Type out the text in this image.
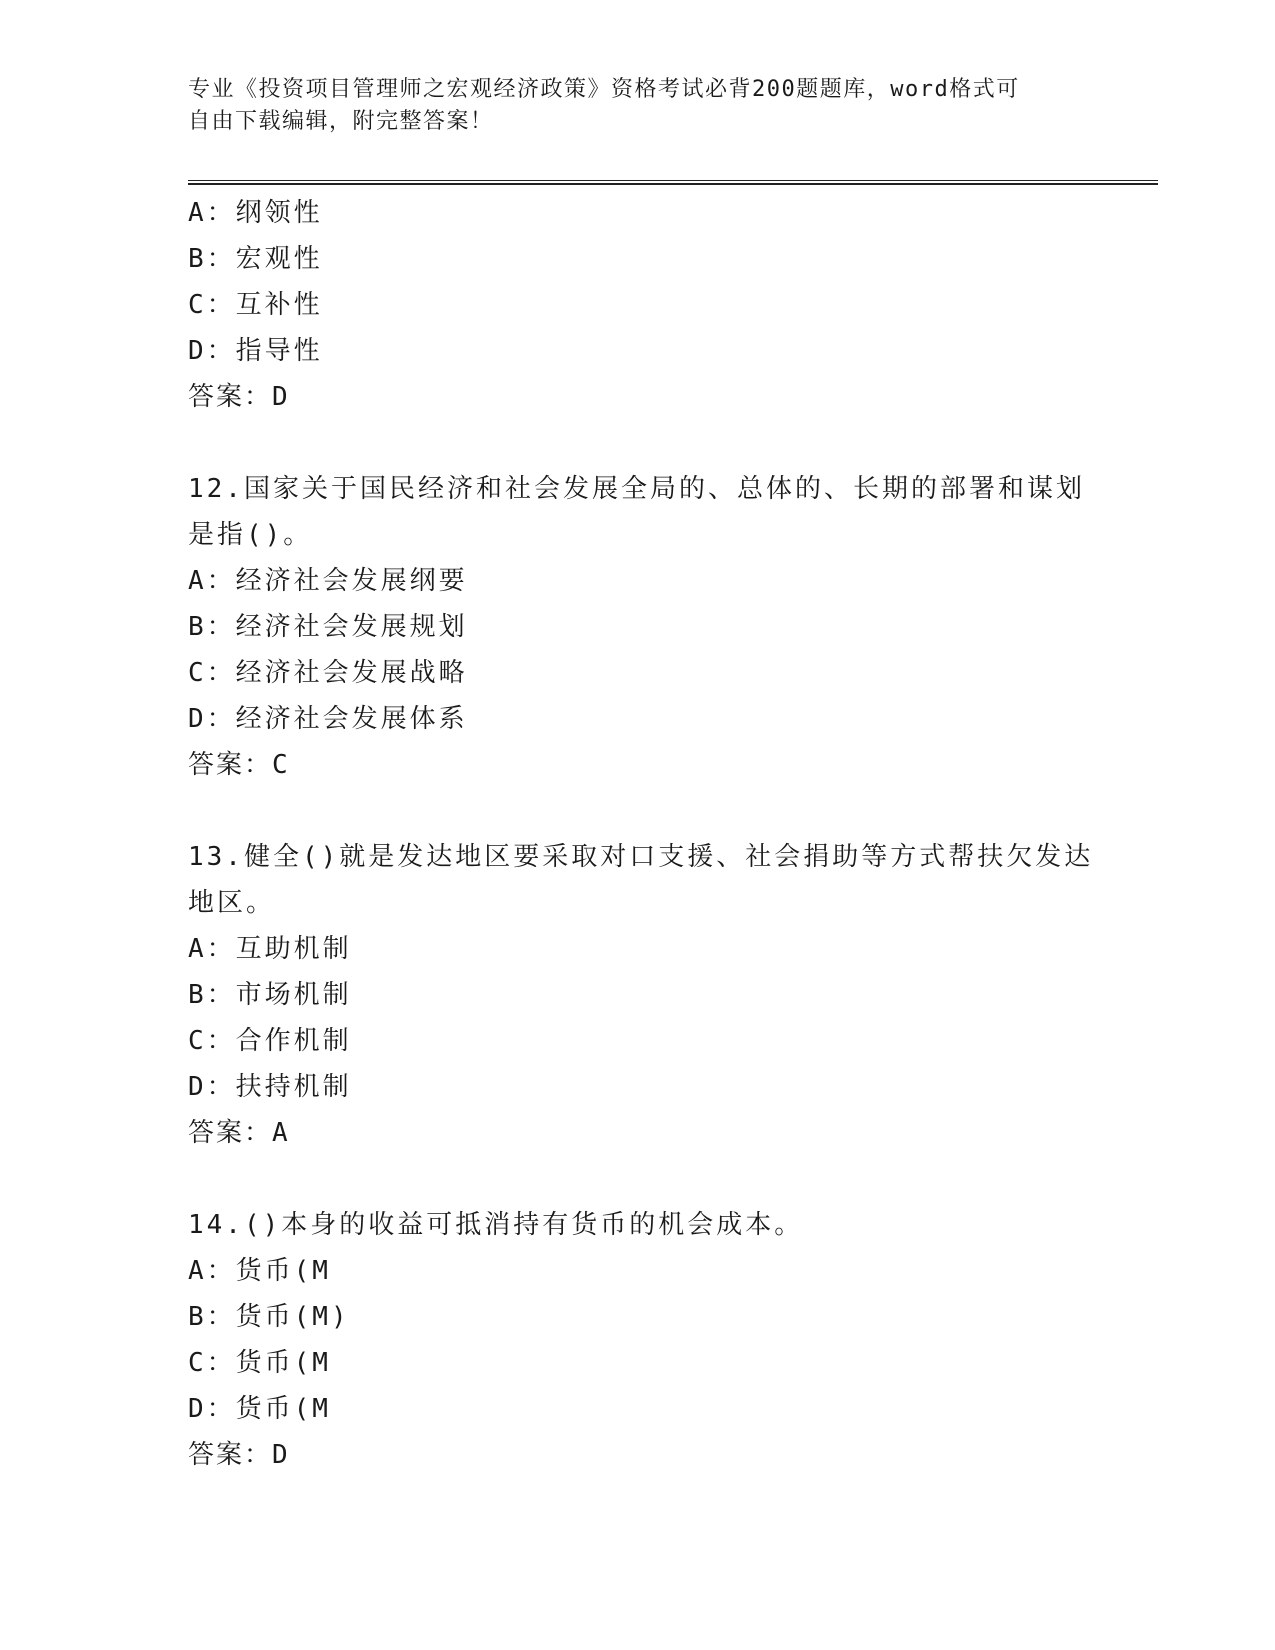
专业《投资项目管理师之宏观经济政策》资格考试必背200题题库，word格式可
自由下载编辑，附完整答案！
A：纲领性
B：宏观性
C：互补性
D：指导性
答案：D
12.国家关于国民经济和社会发展全局的、总体的、长期的部署和谋划
是指()。
A：经济社会发展纲要
B：经济社会发展规划
C：经济社会发展战略
D：经济社会发展体系
答案：C
13.健全()就是发达地区要采取对口支援、社会捐助等方式帮扶欠发达
地区。
A：互助机制
B：市场机制
C：合作机制
D：扶持机制
答案：A
14.()本身的收益可抵消持有货币的机会成本。
A：货币(M
B：货币(M)
C：货币(M
D：货币(M
答案：D
